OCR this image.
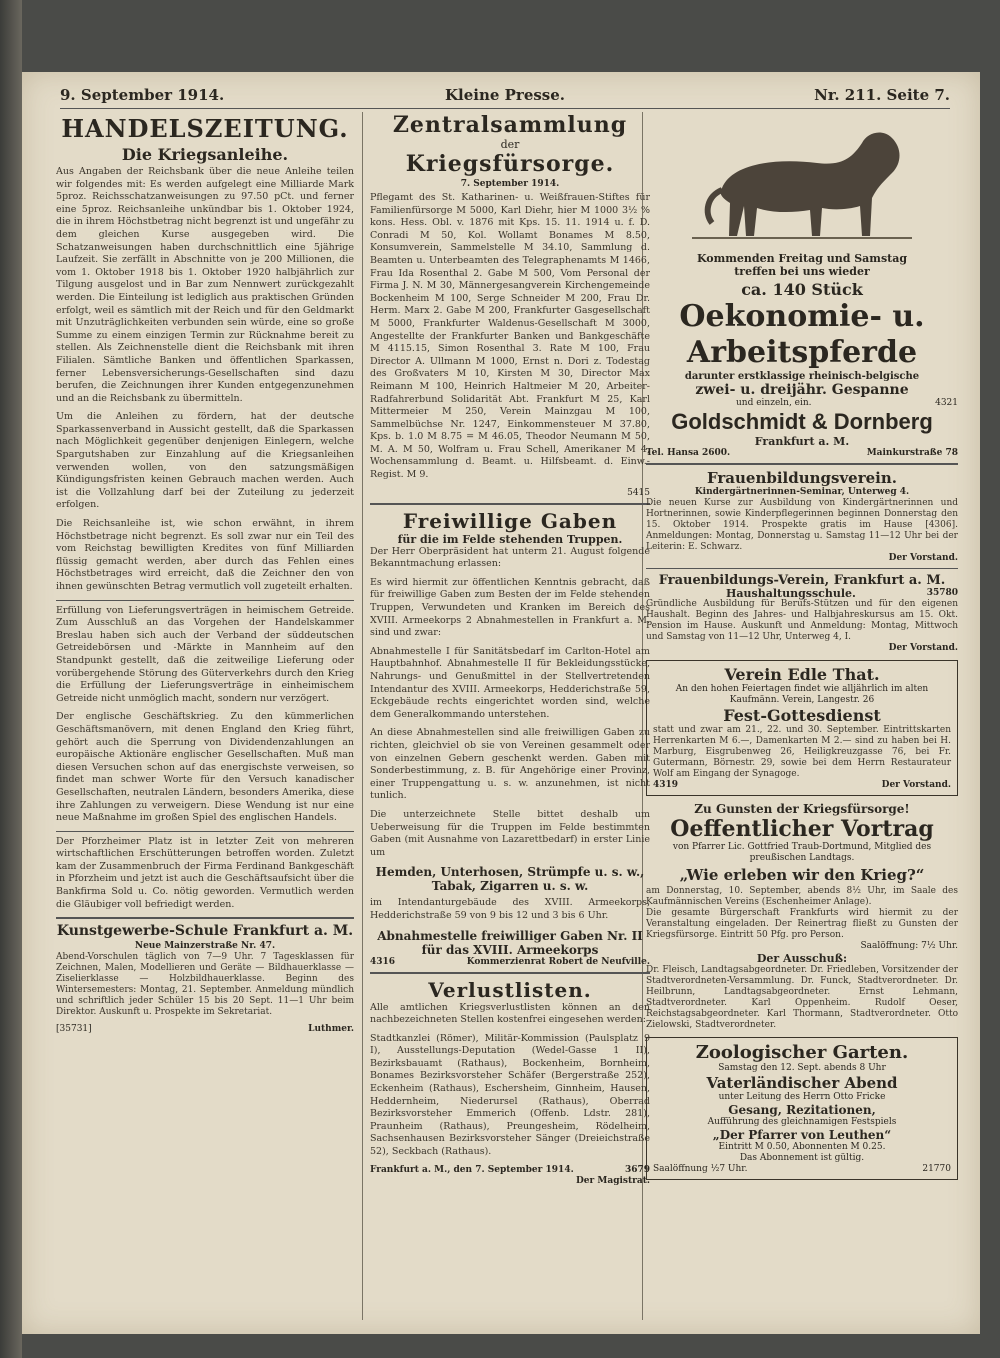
9. September 1914.	Kleine Presse.	Nr. 211. Seite 7.
HANDELSZEITUNG.
Die Kriegsanleihe.

Aus Angaben der Reichsbank über die neue Anleihe teilen wir folgendes mit: Es werden aufgelegt eine Milliarde Mark 5proz. Reichsschatzanweisungen zu 97.50 pCt. und ferner eine 5proz. Reichsanleihe unkündbar bis 1. Oktober 1924, die in ihrem Höchstbetrag nicht begrenzt ist und ungefähr zu dem gleichen Kurse ausgegeben wird. Die Schatzanweisungen haben durchschnittlich eine 5jährige Laufzeit. Sie zerfällt in Abschnitte von je 200 Millionen, die vom 1. Oktober 1918 bis 1. Oktober 1920 halbjährlich zur Tilgung ausgelost und in Bar zum Nennwert zurückgezahlt werden. Die Einteilung ist lediglich aus praktischen Gründen erfolgt, weil es sämtlich mit der Reich und für den Geldmarkt mit Unzuträglichkeiten verbunden sein würde, eine so große Summe zu einem einzigen Termin zur Rücknahme bereit zu stellen. Als Zeichnenstelle dient die Reichsbank mit ihren Filialen. Sämtliche Banken und öffentlichen Sparkassen, ferner Lebensversicherungs-Gesellschaften sind dazu berufen, die Zeichnungen ihrer Kunden entgegenzunehmen und an die Reichsbank zu übermitteln.

Um die Anleihen zu fördern, hat der deutsche Sparkassenverband in Aussicht gestellt, daß die Sparkassen nach Möglichkeit gegenüber denjenigen Einlegern, welche Spargutshaben zur Einzahlung auf die Kriegsanleihen verwenden wollen, von den satzungsmäßigen Kündigungsfristen keinen Gebrauch machen werden. Auch ist die Vollzahlung darf bei der Zuteilung zu jederzeit erfolgen.

Die Reichsanleihe ist, wie schon erwähnt, in ihrem Höchstbetrage nicht begrenzt. Es soll zwar nur ein Teil des vom Reichstag bewilligten Kredites von fünf Milliarden flüssig gemacht werden, aber durch das Fehlen eines Höchstbetrages wird erreicht, daß die Zeichner den von ihnen gewünschten Betrag vermutlich voll zugeteilt erhalten.

Erfüllung von Lieferungsverträgen in heimischem Getreide. Zum Ausschluß an das Vorgehen der Handelskammer Breslau haben sich auch der Verband der süddeutschen Getreidebörsen und -Märkte in Mannheim auf den Standpunkt gestellt, daß die zeitweilige Lieferung oder vorübergehende Störung des Güterverkehrs durch den Krieg die Erfüllung der Lieferungsverträge in einheimischem Getreide nicht unmöglich macht, sondern nur verzögert.

Der englische Geschäftskrieg. Zu den kümmerlichen Geschäftsmanövern, mit denen England den Krieg führt, gehört auch die Sperrung von Dividendenzahlungen an europäische Aktionäre englischer Gesellschaften. Muß man diesen Versuchen schon auf das energischste verweisen, so findet man schwer Worte für den Versuch kanadischer Gesellschaften, neutralen Ländern, besonders Amerika, diese ihre Zahlungen zu verweigern. Diese Wendung ist nur eine neue Maßnahme im großen Spiel des englischen Handels.

Der Pforzheimer Platz ist in letzter Zeit von mehreren wirtschaftlichen Erschütterungen betroffen worden. Zuletzt kam der Zusammenbruch der Firma Ferdinand Bankgeschäft in Pforzheim und jetzt ist auch die Geschäftsaufsicht über die Bankfirma Sold u. Co. nötig geworden. Vermutlich werden die Gläubiger voll befriedigt werden.

Kunstgewerbe-Schule Frankfurt a. M.
Neue Mainzerstraße Nr. 47.

Abend-Vorschulen täglich von 7—9 Uhr. 7 Tagesklassen für Zeichnen, Malen, Modellieren und Geräte — Bildhauerklasse — Ziselierklasse — Holzbildhauerklasse. Beginn des Wintersemesters: Montag, 21. September. Anmeldung mündlich und schriftlich jeder Schüler 15 bis 20 Sept. 11—1 Uhr beim Direktor. Auskunft u. Prospekte im Sekretariat.

[35731]	Luthmer.
Zentralsammlung
der
Kriegsfürsorge.
7. September 1914.

Pflegamt des St. Katharinen- u. Weißfrauen-Stiftes für Familienfürsorge M 5000, Karl Diehr, hier M 1000 3½ % kons. Hess. Obl. v. 1876 mit Kps. 15. 11. 1914 u. f. D. Conradi M 50, Kol. Wollamt Bonames M 8.50, Konsumverein, Sammelstelle M 34.10, Sammlung d. Beamten u. Unterbeamten des Telegraphenamts M 1466, Frau Ida Rosenthal 2. Gabe M 500, Vom Personal der Firma J. N. M 30, Männergesangverein Kirchengemeinde Bockenheim M 100, Serge Schneider M 200, Frau Dr. Herm. Marx 2. Gabe M 200, Frankfurter Gasgesellschaft M 5000, Frankfurter Waldenus-Gesellschaft M 3000, Angestellte der Frankfurter Banken und Bankgeschäfte M 4115.15, Simon Rosenthal 3. Rate M 100, Frau Director A. Ullmann M 1000, Ernst n. Dori z. Todestag des Großvaters M 10, Kirsten M 30, Director Max Reimann M 100, Heinrich Haltmeier M 20, Arbeiter-Radfahrerbund Solidarität Abt. Frankfurt M 25, Karl Mittermeier M 250, Verein Mainzgau M 100, Sammelbüchse Nr. 1247, Einkommensteuer M 37.80, Kps. b. 1.0 M 8.75 = M 46.05, Theodor Neumann M 50, M. A. M 50, Wolfram u. Frau Schell, Amerikaner M 4, Wochensammlung d. Beamt. u. Hilfsbeamt. d. Einw.-Regist. M 9.

5415
Freiwillige Gaben
für die im Felde stehenden Truppen.

Der Herr Oberpräsident hat unterm 21. August folgende Bekanntmachung erlassen:

Es wird hiermit zur öffentlichen Kenntnis gebracht, daß für freiwillige Gaben zum Besten der im Felde stehenden Truppen, Verwundeten und Kranken im Bereich des XVIII. Armeekorps 2 Abnahmestellen in Frankfurt a. M. sind und zwar:

Abnahmestelle I für Sanitätsbedarf im Carlton-Hotel am Hauptbahnhof. Abnahmestelle II für Bekleidungsstücke, Nahrungs- und Genußmittel in der Stellvertretenden Intendantur des XVIII. Armeekorps, Hedderichstraße 59, Eckgebäude rechts eingerichtet worden sind, welche dem Generalkommando unterstehen.

An diese Abnahmestellen sind alle freiwilligen Gaben zu richten, gleichviel ob sie von Vereinen gesammelt oder von einzelnen Gebern geschenkt werden. Gaben mit Sonderbestimmung, z. B. für Angehörige einer Provinz, einer Truppengattung u. s. w. anzunehmen, ist nicht tunlich.

Die unterzeichnete Stelle bittet deshalb um Ueberweisung für die Truppen im Felde bestimmten Gaben (mit Ausnahme von Lazarettbedarf) in erster Linie um

Hemden, Unterhosen, Strümpfe u. s. w.,
Tabak, Zigarren u. s. w.

im Intendanturgebäude des XVIII. Armeekorps, Hedderichstraße 59 von 9 bis 12 und 3 bis 6 Uhr.

Abnahmestelle freiwilliger Gaben Nr. II
für das XVIII. Armeekorps
4316	Kommerzienrat Robert de Neufville.
Verlustlisten.

Alle amtlichen Kriegsverlustlisten können an den nachbezeichneten Stellen kostenfrei eingesehen werden:

Stadtkanzlei (Römer), Militär-Kommission (Paulsplatz 9 I), Ausstellungs-Deputation (Wedel-Gasse 1 II), Bezirksbauamt (Rathaus), Bockenheim, Bornheim, Bonames Bezirksvorsteher Schäfer (Bergerstraße 252), Eckenheim (Rathaus), Eschersheim, Ginnheim, Hausen, Heddernheim, Niederursel (Rathaus), Oberrad Bezirksvorsteher Emmerich (Offenb. Ldstr. 281), Praunheim (Rathaus), Preungesheim, Rödelheim, Sachsenhausen Bezirksvorsteher Sänger (Dreieichstraße 52), Seckbach (Rathaus).

Frankfurt a. M., den 7. September 1914.	3679
Der Magistrat.
Kommenden Freitag und Samstag
treffen bei uns wieder
ca. 140 Stück
Oekonomie- u.
Arbeitspferde
darunter erstklassige rheinisch-belgische
zwei- u. dreijähr. Gespanne
und einzeln, ein.	4321
Goldschmidt & Dornberg
Frankfurt a. M.
Tel. Hansa 2600.	Mainkurstraße 78
Frauenbildungsverein.
Kindergärtnerinnen-Seminar, Unterweg 4.

Die neuen Kurse zur Ausbildung von Kindergärtnerinnen und Hortnerinnen, sowie Kinderpflegerinnen beginnen Donnerstag den 15. Oktober 1914. Prospekte gratis im Hause [4306]. Anmeldungen: Montag, Donnerstag u. Samstag 11—12 Uhr bei der Leiterin: E. Schwarz.

Der Vorstand.
Frauenbildungs-Verein, Frankfurt a. M.
Haushaltungsschule.	35780

Gründliche Ausbildung für Berufs-Stützen und für den eigenen Haushalt. Beginn des Jahres- und Halbjahreskursus am 15. Okt. Pension im Hause. Auskunft und Anmeldung: Montag, Mittwoch und Samstag von 11—12 Uhr, Unterweg 4, I.

Der Vorstand.
Verein Edle That.
An den hohen Feiertagen findet wie alljährlich im alten Kaufmänn. Verein, Langestr. 26
Fest-Gottesdienst

statt und zwar am 21., 22. und 30. September. Eintrittskarten Herrenkarten M 6.—, Damenkarten M 2.— sind zu haben bei H. Marburg, Eisgrubenweg 26, Heiligkreuzgasse 76, bei Fr. Gutermann, Börnestr. 29, sowie bei dem Herrn Restaurateur Wolf am Eingang der Synagoge.

4319	Der Vorstand.
Zu Gunsten der Kriegsfürsorge!
Oeffentlicher Vortrag
von Pfarrer Lic. Gottfried Traub-Dortmund, Mitglied des preußischen Landtags.
„Wie erleben wir den Krieg?“

am Donnerstag, 10. September, abends 8½ Uhr, im Saale des Kaufmännischen Vereins (Eschenheimer Anlage).

Die gesamte Bürgerschaft Frankfurts wird hiermit zu der Veranstaltung eingeladen. Der Reinertrag fließt zu Gunsten der Kriegsfürsorge. Eintritt 50 Pfg. pro Person.

Saalöffnung: 7½ Uhr.
Der Ausschuß:

Dr. Fleisch, Landtagsabgeordneter. Dr. Friedleben, Vorsitzender der Stadtverordneten-Versammlung. Dr. Funck, Stadtverordneter. Dr. Heilbrunn, Landtagsabgeordneter. Ernst Lehmann, Stadtverordneter. Karl Oppenheim. Rudolf Oeser, Reichstagsabgeordneter. Karl Thormann, Stadtverordneter. Otto Zielowski, Stadtverordneter.

Zoologischer Garten.
Samstag den 12. Sept. abends 8 Uhr
Vaterländischer Abend
unter Leitung des Herrn Otto Fricke
Gesang, Rezitationen,
Aufführung des gleichnamigen Festspiels
„Der Pfarrer von Leuthen“
Eintritt M 0.50, Abonnenten M 0.25.
Das Abonnement ist gültig.
Saalöffnung ½7 Uhr.	21770
